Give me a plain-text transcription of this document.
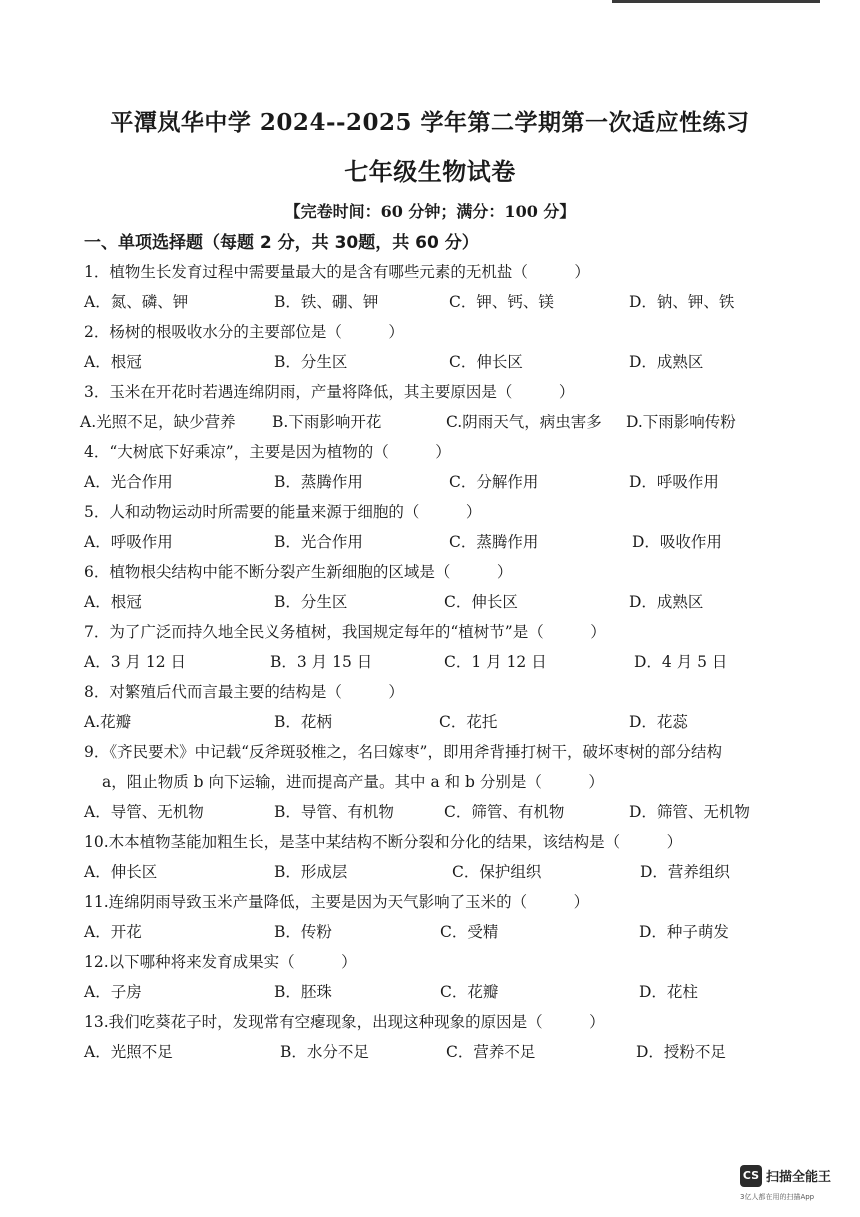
平潭岚华中学 2024--2025 学年第二学期第一次适应性练习
七年级生物试卷
【完卷时间：60 分钟；满分：100 分】
一、单项选择题（每题 2 分，共 30题，共 60 分）
1．植物生长发育过程中需要量最大的是含有哪些元素的无机盐（　　　）
A．氮、磷、钾	B．铁、硼、钾	C．钾、钙、镁	D．钠、钾、铁
2．杨树的根吸收水分的主要部位是（　　　）
A．根冠	B．分生区	C．伸长区	D．成熟区
3．玉米在开花时若遇连绵阴雨，产量将降低，其主要原因是（　　　）
A.光照不足，缺少营养 B.下雨影响开花	C.阴雨天气，病虫害多 D.下雨影响传粉
4．“大树底下好乘凉”，主要是因为植物的（　　　）
A．光合作用	B．蒸腾作用	C．分解作用	D．呼吸作用
5．人和动物运动时所需要的能量来源于细胞的（　　　）
A．呼吸作用	B．光合作用	C．蒸腾作用	D．吸收作用
6．植物根尖结构中能不断分裂产生新细胞的区域是（　　　）
A．根冠	B．分生区	C．伸长区	D．成熟区
7．为了广泛而持久地全民义务植树，我国规定每年的“植树节”是（　　　）
A．3 月 12 日	B．3 月 15 日	C．1 月 12 日	D．4 月 5 日
8．对繁殖后代而言最主要的结构是（　　　）
A.花瓣	B．花柄	C．花托	D．花蕊
9．《齐民要术》中记载“反斧斑驳椎之，名曰嫁枣”，即用斧背捶打树干，破坏枣树的部分结构
a，阻止物质 b 向下运输，进而提高产量。其中 a 和 b 分别是（　　　）
A．导管、无机物	B．导管、有机物	C．筛管、有机物	D．筛管、无机物
10.木本植物茎能加粗生长，是茎中某结构不断分裂和分化的结果，该结构是（　　　）
A．伸长区	B．形成层	C．保护组织	D．营养组织
11.连绵阴雨导致玉米产量降低，主要是因为天气影响了玉米的（　　　）
A．开花	B．传粉	C．受精	D．种子萌发
12.以下哪种将来发育成果实（　　　）
A．子房	B．胚珠	C．花瓣	D．花柱
13.我们吃葵花子时，发现常有空瘪现象，出现这种现象的原因是（　　　）
A．光照不足	B．水分不足	C．营养不足	D．授粉不足
CS 扫描全能王
3亿人都在用的扫描App
